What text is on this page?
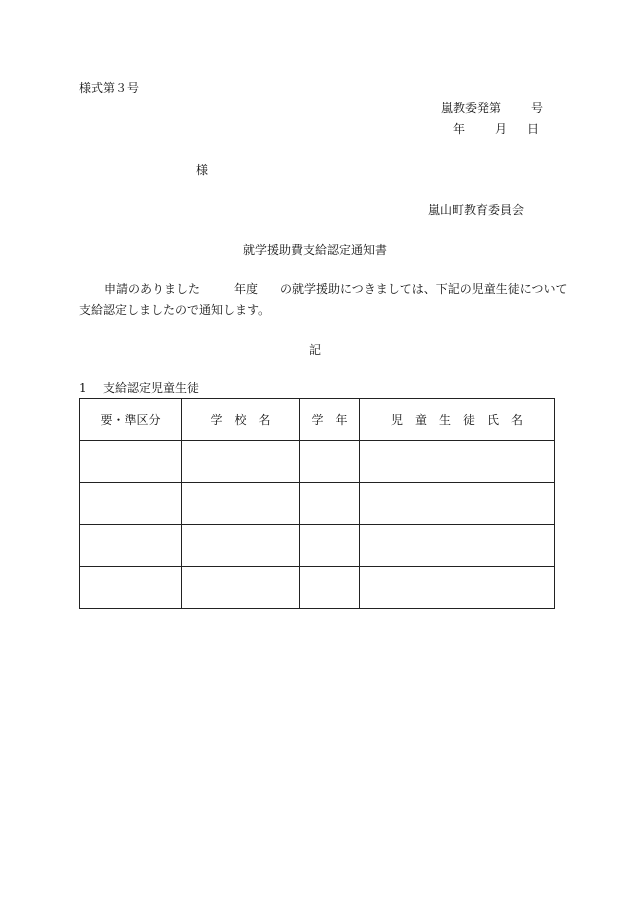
様式第３号
嵐教委発第	号
年	月 日
様
嵐山町教育委員会
就学援助費支給認定通知書
申請のありました	年度 の就学援助につきましては、下記の児童生徒について
支給認定しましたので通知します。
記
1 支給認定児童生徒
要・準区分	学　校　名	学　年	児　童　生　徒　氏　名
